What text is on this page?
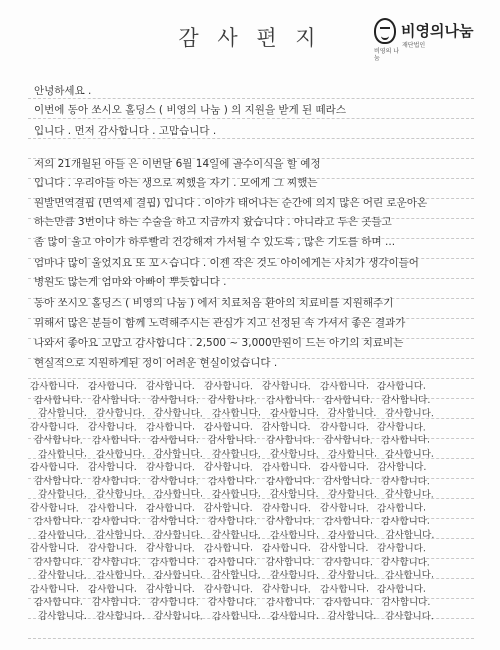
감 사 편 지	재단법인
비영의나눔
비영의 나눔
안녕하세요 .
이번에 동아 쏘시오 홀딩스 ( 비영의 나눔 ) 의 지원을 받게 된 떼라스
입니다 . 먼저 감사합니다 . 고맙습니다 .
저의 21개월된 아들 은 이번달 6월 14일에 골수이식을 할 예정
입니다 . 우리아들 아는 생으로 찌했을 자기 . 모에게 그 찌했는
원발면역결핍 (면역세 결핍) 입니다 . 이아가 태어나는 순간에 의지 많은 어린 로운아온
하는만큼 3번이나 하는 수술을 하고 지금까지 왔습니다 . 아니라고 두은 곳들고
좀 많이 울고 아이가 하루빨리 건강해져 가서될 수 있도록 , 많은 기도를 하며 ...
엄마나 많이 울었지요 또 꼬ㅅ습니다 . 이젠 작은 것도 아이에게는 사치가 생각이들어
병원도 많는게 엄마와 아빠이 뿌듯합니다 .
동아 쏘시오 홀딩스 ( 비영의 나눔 ) 에서 치료처음 환아의 치료비를 지원해주기
위해서 많은 분들이 함께 노력해주시는 관심가 지고 선정된 속 가셔서 좋은 결과가
나와서 좋아요 고맙고 감사합니다 . 2,500 ~ 3,000만원이 드는 아기의 치료비는
현실적으로 지원하게된 정이 어려운 현실이었습니다 .
감사합니다. 감사합니다. 감사합니다. 감사합니다. 감사합니다. 감사합니다. 감사합니다.
감사합니다. 감사합니다. 감사합니다. 감사합니다. 감사합니다. 감사합니다. 감사합니다.
감사합니다. 감사합니다. 감사합니다. 감사합니다. 감사합니다. 감사합니다. 감사합니다.
감사합니다. 감사합니다. 감사합니다. 감사합니다. 감사합니다. 감사합니다. 감사합니다.
감사합니다. 감사합니다. 감사합니다. 감사합니다. 감사합니다. 감사합니다. 감사합니다.
감사합니다. 감사합니다. 감사합니다. 감사합니다. 감사합니다. 감사합니다. 감사합니다.
감사합니다. 감사합니다. 감사합니다. 감사합니다. 감사합니다. 감사합니다. 감사합니다.
감사합니다. 감사합니다. 감사합니다. 감사합니다. 감사합니다. 감사합니다. 감사합니다.
감사합니다. 감사합니다. 감사합니다. 감사합니다. 감사합니다. 감사합니다. 감사합니다.
감사합니다. 감사합니다. 감사합니다. 감사합니다. 감사합니다. 감사합니다. 감사합니다.
감사합니다. 감사합니다. 감사합니다. 감사합니다. 감사합니다. 감사합니다. 감사합니다.
감사합니다. 감사합니다. 감사합니다. 감사합니다. 감사합니다. 감사합니다. 감사합니다.
감사합니다. 감사합니다. 감사합니다. 감사합니다. 감사합니다. 감사합니다. 감사합니다.
감사합니다. 감사합니다. 감사합니다. 감사합니다. 감사합니다. 감사합니다. 감사합니다.
감사합니다. 감사합니다. 감사합니다. 감사합니다. 감사합니다. 감사합니다. 감사합니다.
감사합니다. 감사합니다. 감사합니다. 감사합니다. 감사합니다. 감사합니다. 감사합니다.
감사합니다. 감사합니다. 감사합니다. 감사합니다. 감사합니다. 감사합니다. 감사합니다.
감사합니다. 감사합니다. 감사합니다. 감사합니다. 감사합니다. 감사합니다. 감사합니다.
